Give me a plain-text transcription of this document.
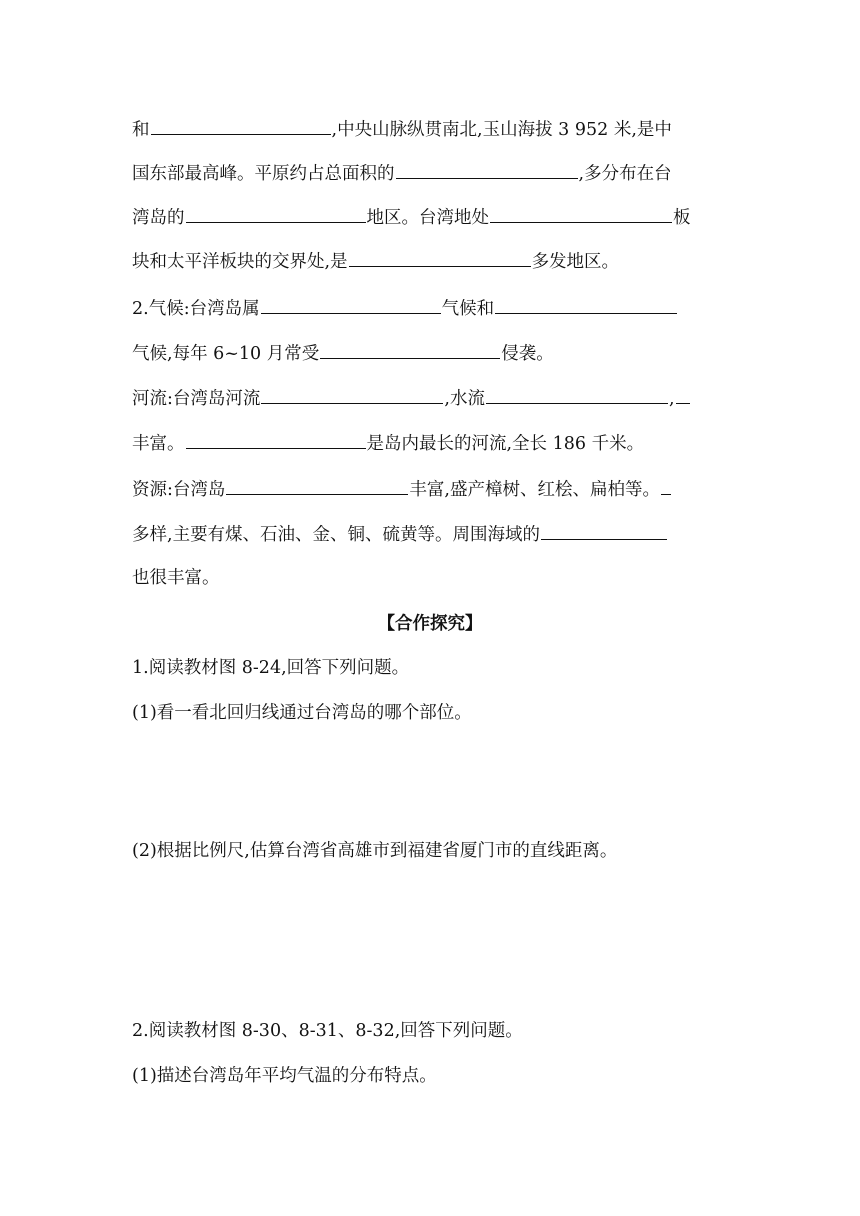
和	,中央山脉纵贯南北,玉山海拔 3 952 米,是中
国东部最高峰。平原约占总面积的	,多分布在台
湾岛的	地区。台湾地处	板
块和太平洋板块的交界处,是	多发地区。
2.气候:台湾岛属	气候和
气候,每年 6~10 月常受	侵袭。
河流:台湾岛河流	,水流	,
丰富。	是岛内最长的河流,全长 186 千米。
资源:台湾岛	丰富,盛产樟树、红桧、扁柏等。
多样,主要有煤、石油、金、铜、硫黄等。周围海域的
也很丰富。
【合作探究】
1.阅读教材图 8-24,回答下列问题。
(1)看一看北回归线通过台湾岛的哪个部位。
(2)根据比例尺,估算台湾省高雄市到福建省厦门市的直线距离。
2.阅读教材图 8-30、8-31、8-32,回答下列问题。
(1)描述台湾岛年平均气温的分布特点。
